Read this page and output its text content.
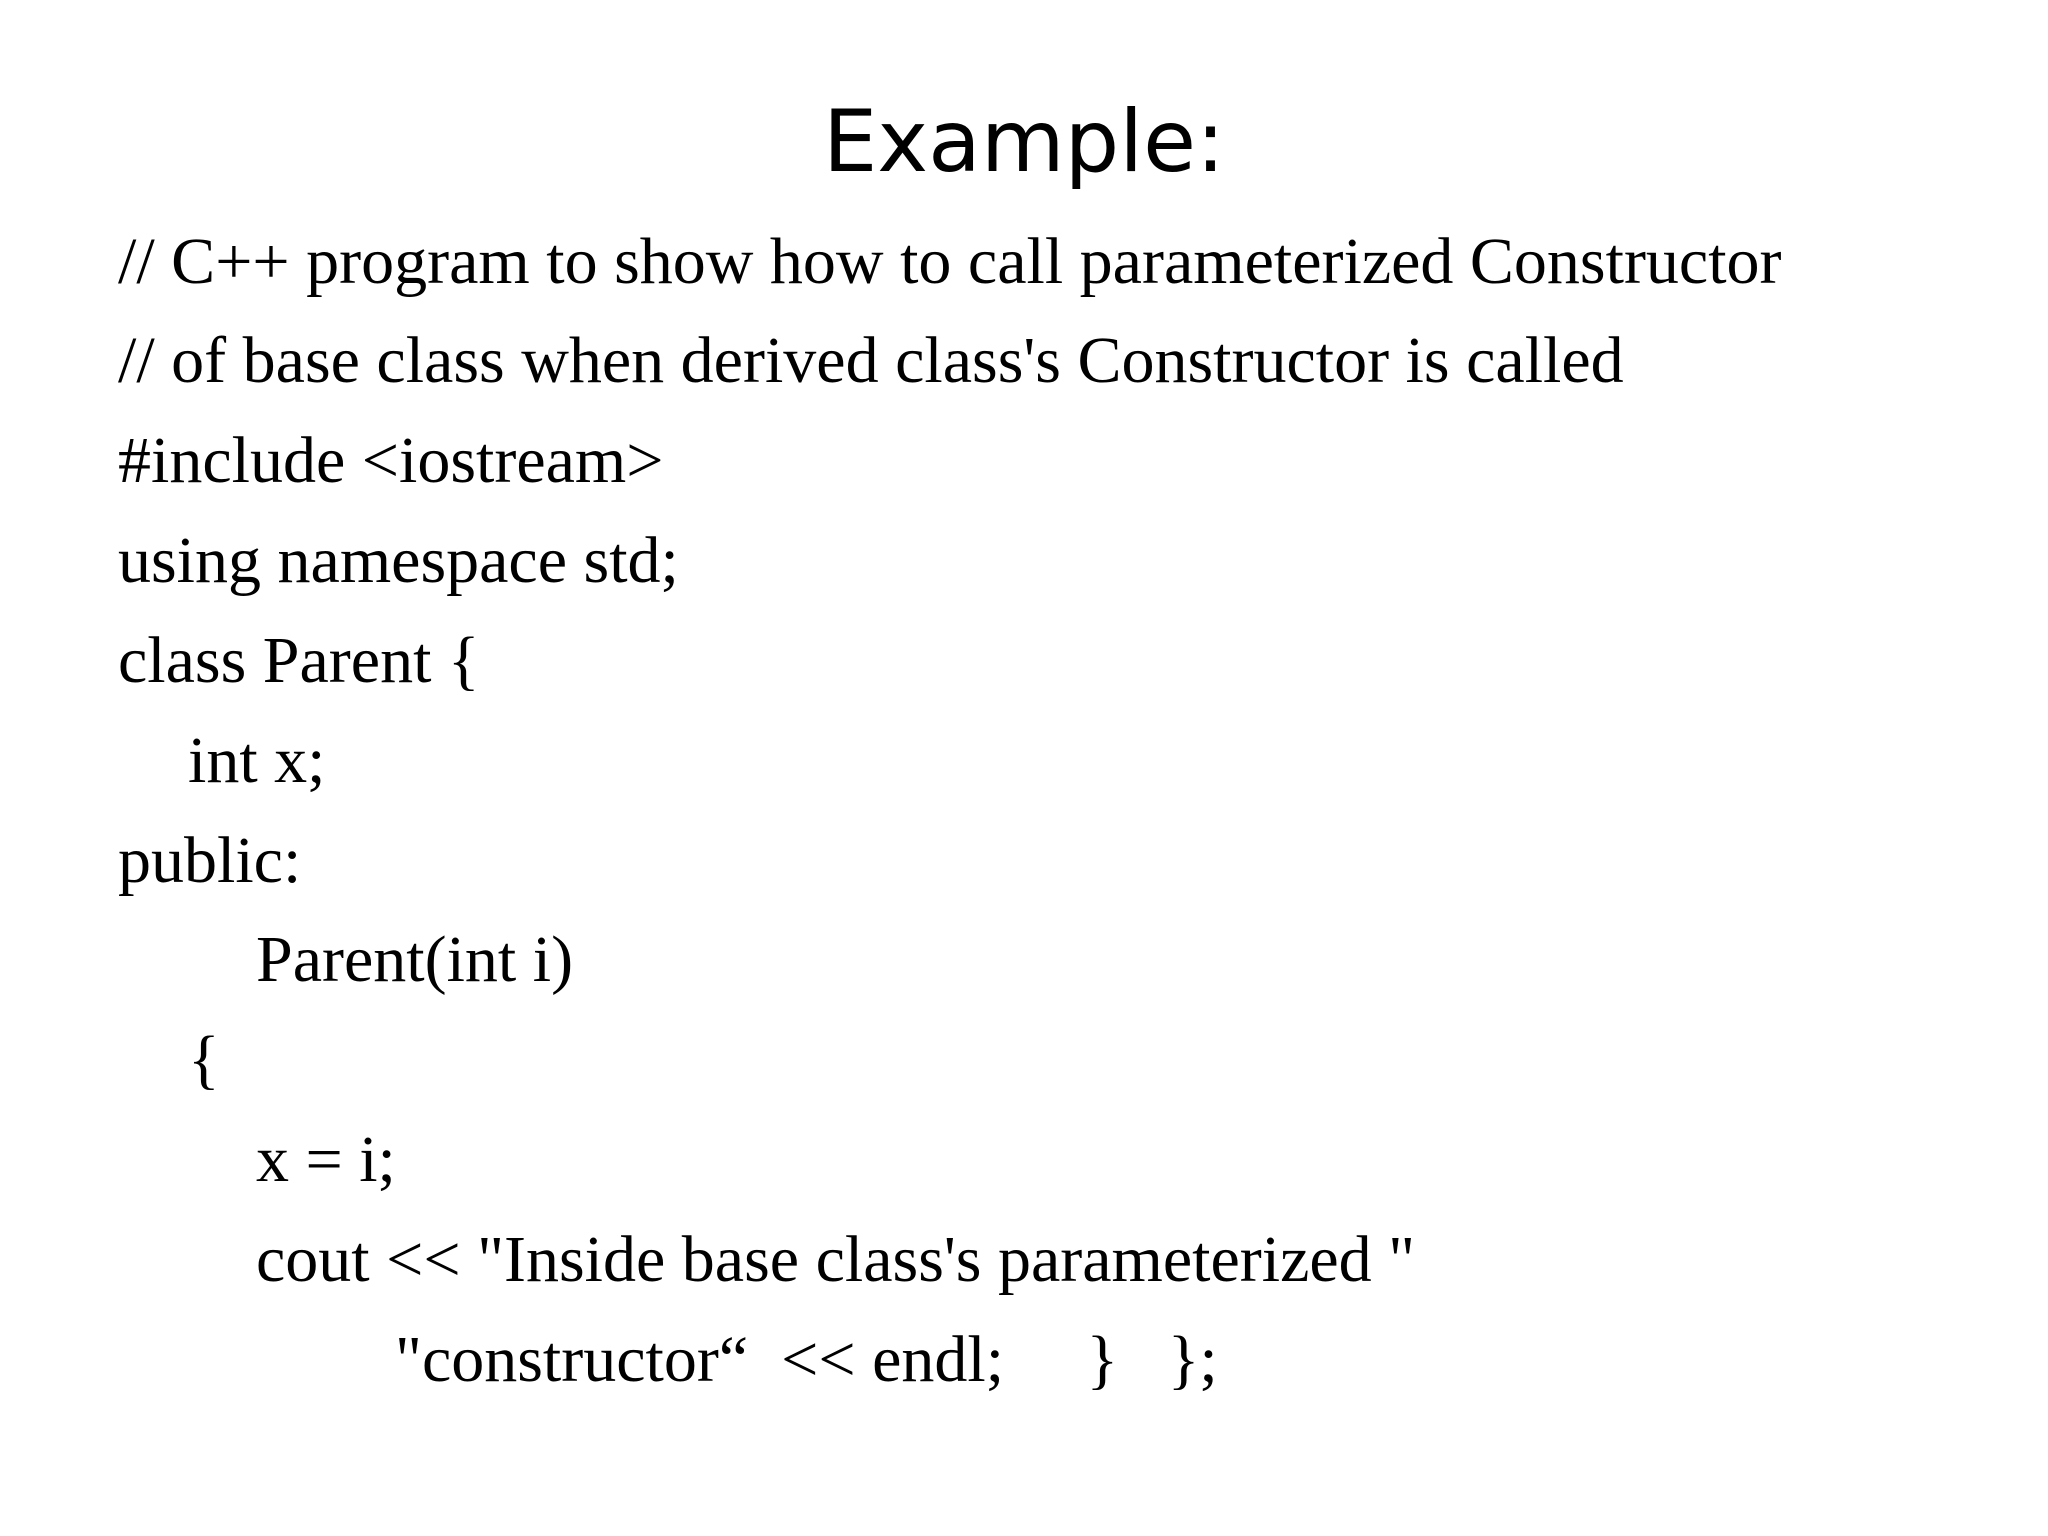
Example:
// C++ program to show how to call parameterized Constructor
// of base class when derived class's Constructor is called
#include <iostream>
using namespace std;
class Parent {
int x;
public:
Parent(int i)
{
x = i;
cout << "Inside base class's parameterized "
"constructor“  << endl;     }   };
